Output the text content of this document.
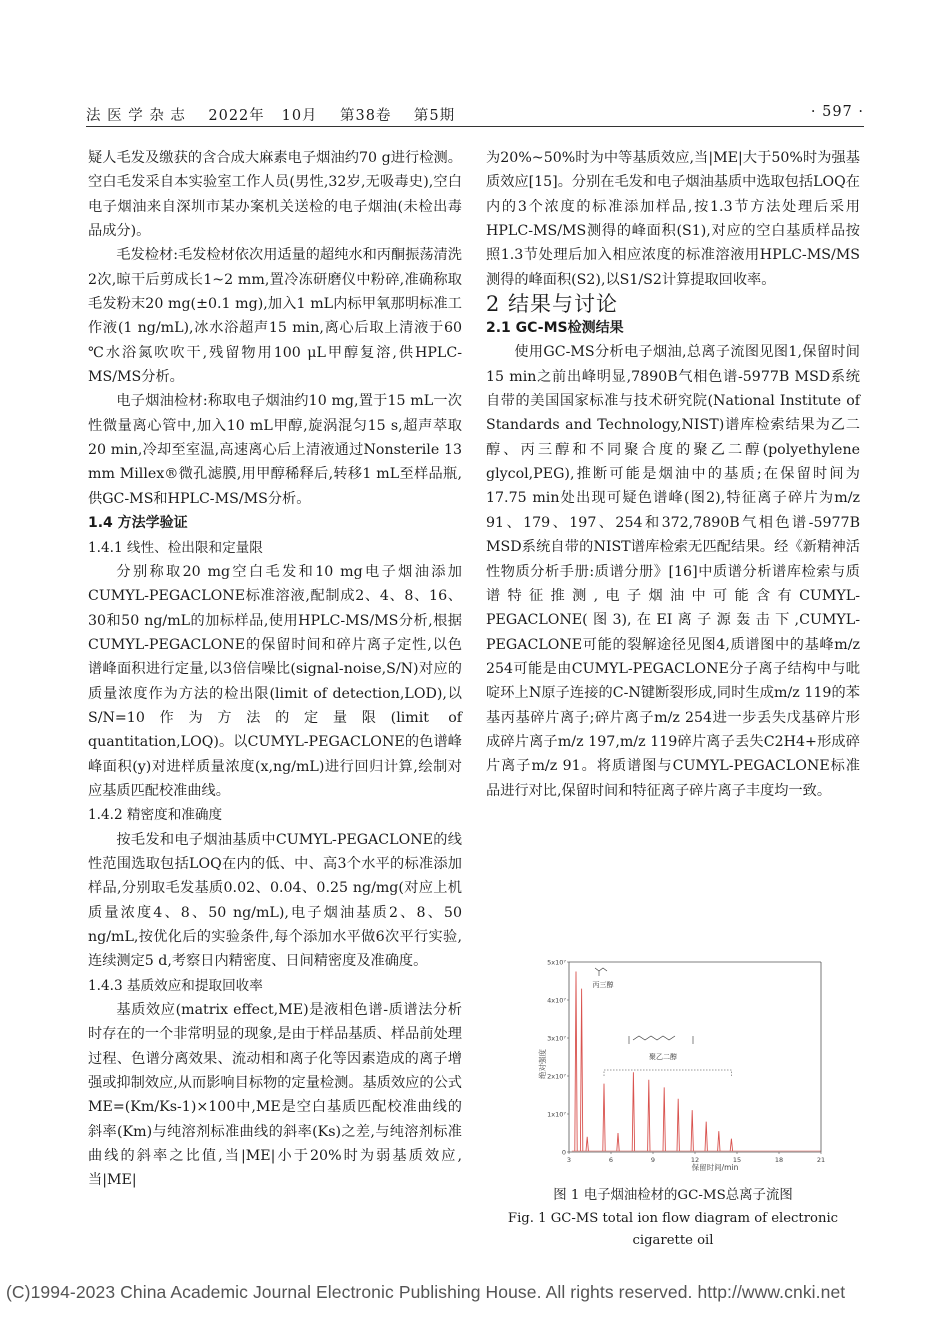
法 医 学 杂 志    2022年   10月    第38卷    第5期	· 597 ·

疑人毛发及缴获的含合成大麻素电子烟油约70 g进行检测。空白毛发采自本实验室工作人员(男性,32岁,无吸毒史),空白电子烟油来自深圳市某办案机关送检的电子烟油(未检出毒品成分)。

毛发检材:毛发检材依次用适量的超纯水和丙酮振荡清洗2次,晾干后剪成长1~2 mm,置冷冻研磨仪中粉碎,准确称取毛发粉末20 mg(±0.1 mg),加入1 mL内标甲氧那明标准工作液(1 ng/mL),冰水浴超声15 min,离心后取上清液于60 ℃水浴氮吹吹干,残留物用100 μL甲醇复溶,供HPLC-MS/MS分析。

电子烟油检材:称取电子烟油约10 mg,置于15 mL一次性微量离心管中,加入10 mL甲醇,旋涡混匀15 s,超声萃取20 min,冷却至室温,高速离心后上清液通过Nonsterile 13 mm Millex®微孔滤膜,用甲醇稀释后,转移1 mL至样品瓶,供GC-MS和HPLC-MS/MS分析。

1.4 方法学验证

1.4.1 线性、检出限和定量限

分别称取20 mg空白毛发和10 mg电子烟油添加CUMYL-PEGACLONE标准溶液,配制成2、4、8、16、30和50 ng/mL的加标样品,使用HPLC-MS/MS分析,根据CUMYL-PEGACLONE的保留时间和碎片离子定性,以色谱峰面积进行定量,以3倍信噪比(signal-noise,S/N)对应的质量浓度作为方法的检出限(limit of detection,LOD),以S/N=10作为方法的定量限(limit of quantitation,LOQ)。以CUMYL-PEGACLONE的色谱峰峰面积(y)对进样质量浓度(x,ng/mL)进行回归计算,绘制对应基质匹配校准曲线。

1.4.2 精密度和准确度

按毛发和电子烟油基质中CUMYL-PEGACLONE的线性范围选取包括LOQ在内的低、中、高3个水平的标准添加样品,分别取毛发基质0.02、0.04、0.25 ng/mg(对应上机质量浓度4、8、50 ng/mL),电子烟油基质2、8、50 ng/mL,按优化后的实验条件,每个添加水平做6次平行实验,连续测定5 d,考察日内精密度、日间精密度及准确度。

1.4.3 基质效应和提取回收率

基质效应(matrix effect,ME)是液相色谱-质谱法分析时存在的一个非常明显的现象,是由于样品基质、样品前处理过程、色谱分离效果、流动相和离子化等因素造成的离子增强或抑制效应,从而影响目标物的定量检测。基质效应的公式ME=(Km/Ks-1)×100中,ME是空白基质匹配校准曲线的斜率(Km)与纯溶剂标准曲线的斜率(Ks)之差,与纯溶剂标准曲线的斜率之比值,当|ME|小于20%时为弱基质效应,当|ME|

为20%~50%时为中等基质效应,当|ME|大于50%时为强基质效应[15]。分别在毛发和电子烟油基质中选取包括LOQ在内的3个浓度的标准添加样品,按1.3节方法处理后采用HPLC-MS/MS测得的峰面积(S1),对应的空白基质样品按照1.3节处理后加入相应浓度的标准溶液用HPLC-MS/MS测得的峰面积(S2),以S1/S2计算提取回收率。

2 结果与讨论

2.1 GC-MS检测结果

使用GC-MS分析电子烟油,总离子流图见图1,保留时间15 min之前出峰明显,7890B气相色谱-5977B MSD系统自带的美国国家标准与技术研究院(National Institute of Standards and Technology,NIST)谱库检索结果为乙二醇、丙三醇和不同聚合度的聚乙二醇(polyethylene glycol,PEG),推断可能是烟油中的基质;在保留时间为17.75 min处出现可疑色谱峰(图2),特征离子碎片为m/z 91、179、197、254和372,7890B气相色谱-5977B MSD系统自带的NIST谱库检索无匹配结果。经《新精神活性物质分析手册:质谱分册》[16]中质谱分析谱库检索与质谱特征推测,电子烟油中可能含有CUMYL-PEGACLONE(图3),在EI离子源轰击下,CUMYL-PEGACLONE可能的裂解途径见图4,质谱图中的基峰m/z 254可能是由CUMYL-PEGACLONE分子离子结构中与吡啶环上N原子连接的C-N键断裂形成,同时生成m/z 119的苯基丙基碎片离子;碎片离子m/z 254进一步丢失戊基碎片形成碎片离子m/z 197,m/z 119碎片离子丢失C2H4+形成碎片离子m/z 91。将质谱图与CUMYL-PEGACLONE标准品进行对比,保留时间和特征离子碎片离子丰度均一致。

绝对强度
保留时间/min
0
1x10⁷
2x10⁷
3x10⁷
4x10⁷
5x10⁷
3	6	9	12	15	18	21
丙三醇
聚乙二醇
图 1 电子烟油检材的GC-MS总离子流图
Fig. 1 GC-MS total ion flow diagram of electronic cigarette oil
(C)1994-2023 China Academic Journal Electronic Publishing House. All rights reserved. http://www.cnki.net
